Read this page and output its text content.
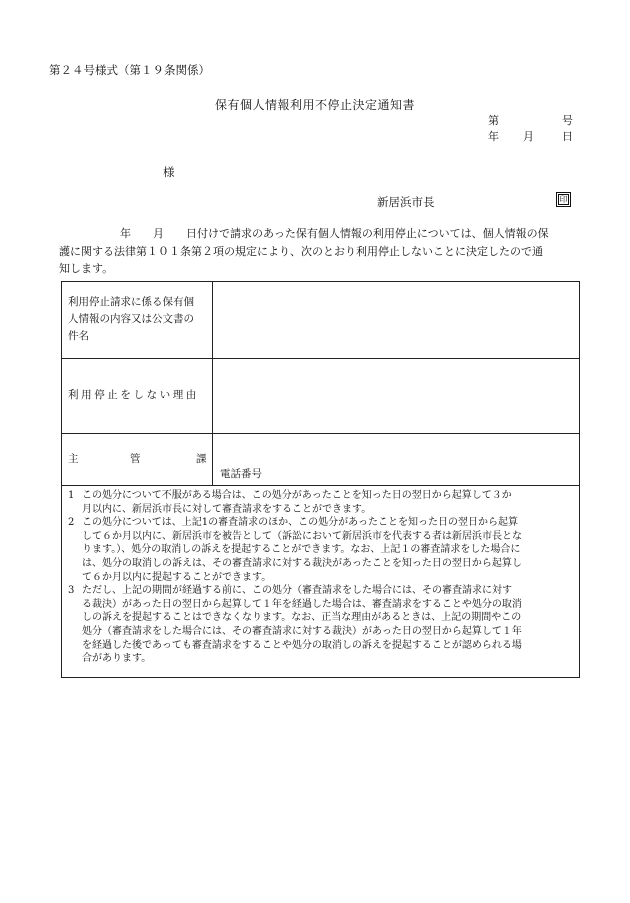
第２４号様式（第１９条関係）
保有個人情報利用不停止決定通知書
第	号
年 月	日
様
新居浜市長	印
年 月 日付けで請求のあった保有個人情報の利用停止については、個人情報の保
護に関する法律第１０１条第２項の規定により、次のとおり利用停止しないことに決定したので通
知します。
利用停止請求に係る保有個
人情報の内容又は公文書の
件名
利用停止をしない理由
主	管	課
電話番号
1 この処分について不服がある場合は、この処分があったことを知った日の翌日から起算して３か
月以内に、新居浜市長に対して審査請求をすることができます。
2 この処分については、上記1の審査請求のほか、この処分があったことを知った日の翌日から起算
して６か月以内に、新居浜市を被告として（訴訟において新居浜市を代表する者は新居浜市長とな
ります。）、処分の取消しの訴えを提起することができます。なお、上記１の審査請求をした場合に
は、処分の取消しの訴えは、その審査請求に対する裁決があったことを知った日の翌日から起算し
て６か月以内に提起することができます。
3 ただし、上記の期間が経過する前に、この処分（審査請求をした場合には、その審査請求に対す
る裁決）があった日の翌日から起算して１年を経過した場合は、審査請求をすることや処分の取消
しの訴えを提起することはできなくなります。なお、正当な理由があるときは、上記の期間やこの
処分（審査請求をした場合には、その審査請求に対する裁決）があった日の翌日から起算して１年
を経過した後であっても審査請求をすることや処分の取消しの訴えを提起することが認められる場
合があります。
